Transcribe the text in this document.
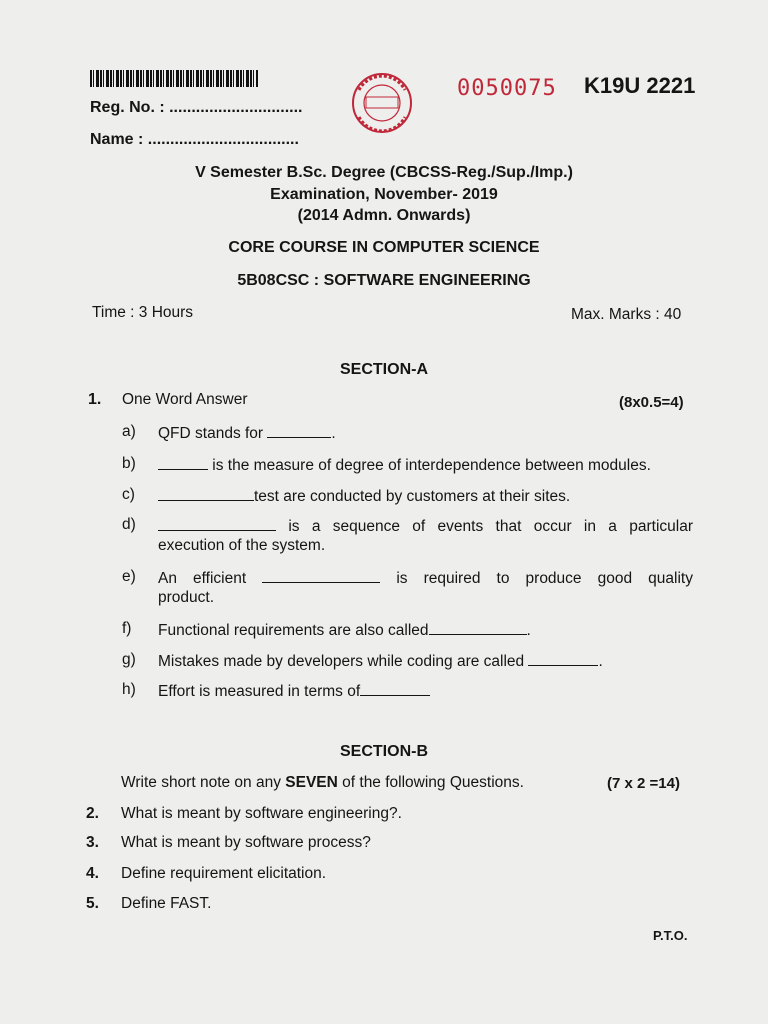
Reg. No. : ..............................
Name : ..................................
0050075 K19U 2221
V Semester B.Sc. Degree (CBCSS-Reg./Sup./Imp.)
Examination, November- 2019
(2014 Admn. Onwards)
CORE COURSE IN COMPUTER SCIENCE
5B08CSC : SOFTWARE ENGINEERING
Time : 3 Hours	Max. Marks : 40
SECTION-A
1. One Word Answer	(8x0.5=4)
a) QFD stands for	.
b)	is the measure of degree of interdependence between modules.
c)	test are conducted by customers at their sites.
d)	is a sequence of events that occur in a particular
execution of the system.
e) An efficient	is required to produce good quality
product.
f) Functional requirements are also called	.
g) Mistakes made by developers while coding are called	.
h) Effort is measured in terms of
SECTION-B
Write short note on any SEVEN of the following Questions.	(7 x 2 =14)
2. What is meant by software engineering?.
3. What is meant by software process?
4. Define requirement elicitation.
5. Define FAST.
P.T.O.
